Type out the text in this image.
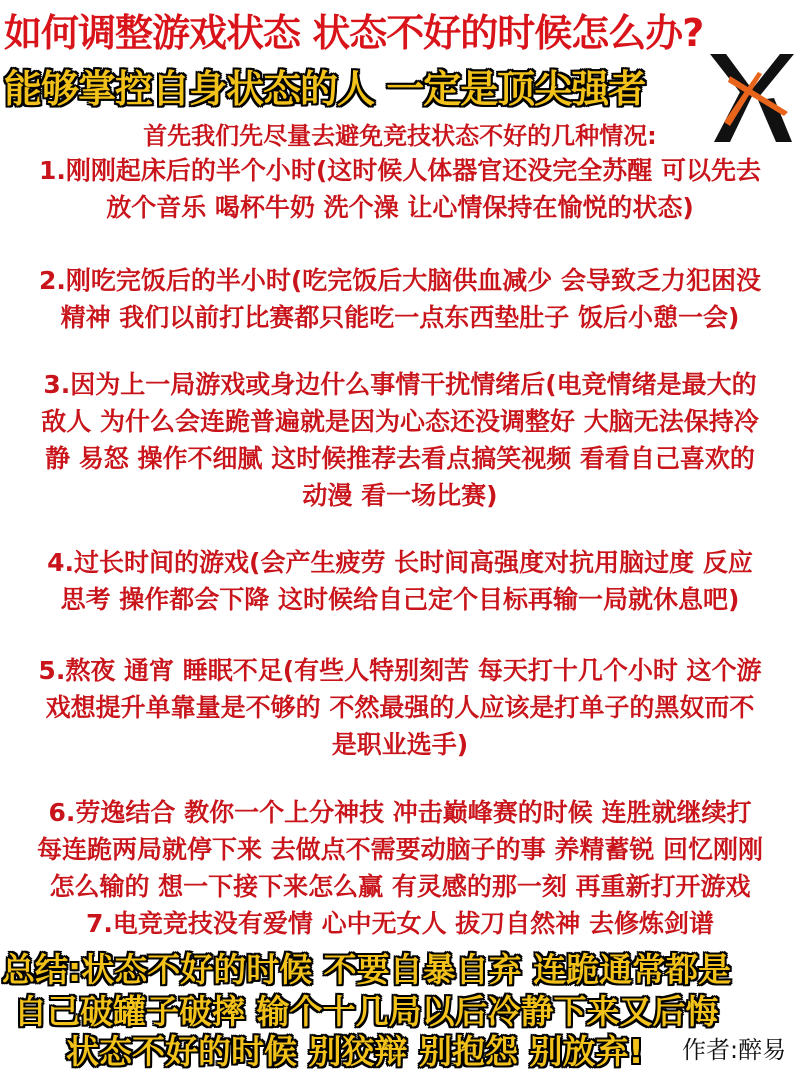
如何调整游戏状态 状态不好的时候怎么办?
能够掌控自身状态的人 一定是顶尖强者
首先我们先尽量去避免竞技状态不好的几种情况:
1.刚刚起床后的半个小时(这时候人体器官还没完全苏醒 可以先去
放个音乐 喝杯牛奶 洗个澡 让心情保持在愉悦的状态)
2.刚吃完饭后的半小时(吃完饭后大脑供血减少 会导致乏力犯困没
精神 我们以前打比赛都只能吃一点东西垫肚子 饭后小憩一会)
3.因为上一局游戏或身边什么事情干扰情绪后(电竞情绪是最大的
敌人 为什么会连跪普遍就是因为心态还没调整好 大脑无法保持冷
静 易怒 操作不细腻 这时候推荐去看点搞笑视频 看看自己喜欢的
动漫 看一场比赛)
4.过长时间的游戏(会产生疲劳 长时间高强度对抗用脑过度 反应
思考 操作都会下降 这时候给自己定个目标再输一局就休息吧)
5.熬夜 通宵 睡眠不足(有些人特别刻苦 每天打十几个小时 这个游
戏想提升单靠量是不够的 不然最强的人应该是打单子的黑奴而不
是职业选手)
6.劳逸结合 教你一个上分神技 冲击巅峰赛的时候 连胜就继续打
每连跪两局就停下来 去做点不需要动脑子的事 养精蓄锐 回忆刚刚
怎么输的 想一下接下来怎么赢 有灵感的那一刻 再重新打开游戏
7.电竞竞技没有爱情 心中无女人 拔刀自然神 去修炼剑谱
总结:状态不好的时候 不要自暴自弃 连跪通常都是
自己破罐子破摔 输个十几局以后冷静下来又后悔
状态不好的时候 别狡辩 别抱怨 别放弃! 作者:醉易
